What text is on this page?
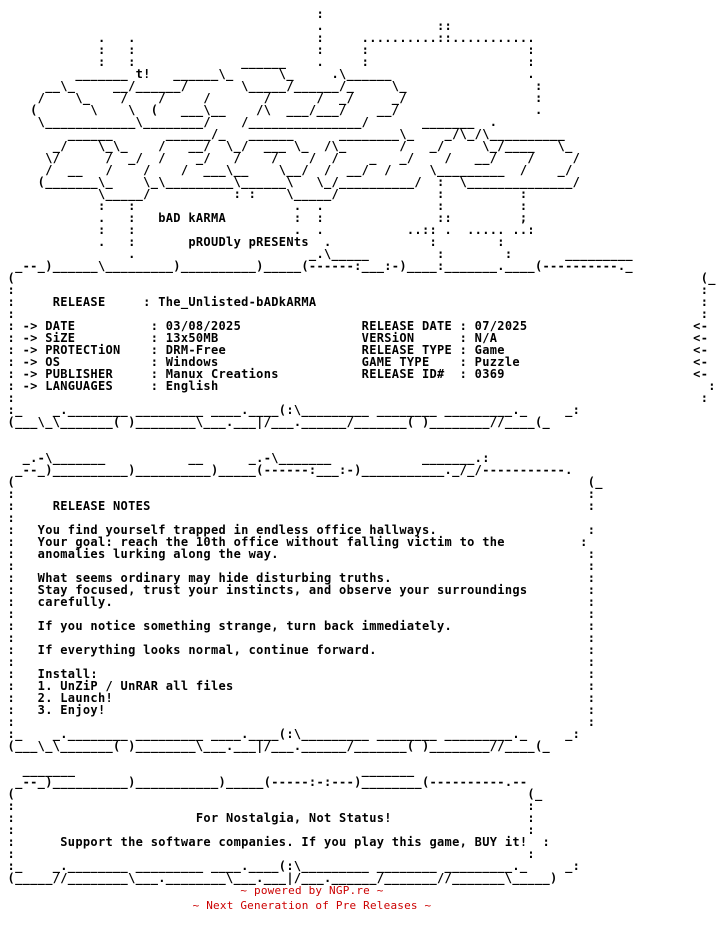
:
.               ::
.   .                        :     ..........::...........
:   :                        :     :                     :
:   :              ______    .     :                     :
_______ t!   ______\_      \_     .\______                  .
__\_     __/______/       \_____/______/_     \_                 :
/    \_    /    /     /       /      /  _/     _/                 :
(       \    \  (   ___\__    /\  ___/___/    __/                  .
\____________\________/    /_______________/       _______  .
______       ______/_   ______      ________\_    _/\_/\__________
_/    \_\_    /   __/  \_/  ___ \_  /\_       /   _/     \_/____   \_
\/      /  _/  /    _/   /    /    /  /    _   _/    /   __/    /     /
/  __   /    /    /  ___\__    \__/  /  __/  /     \_________  /    _/
(_______\_    \_\_________\______\   \_/__________/  :  \______________/
\_____/           : :    \_____/             :          :
:   :                     .  .               :          :
.   :   bAD kARMA         :  :               ::         ;
:   :                     .  .           ..:: .  ..... ..:
.   :       pROUDly pRESENts  .             :        :
.                       _.\_____         :        :       _________
_--_)______\_________)__________)_____(------:___:-)____:_______.____(----------._
(                                                                                           (_
:                                                                                           :
:     RELEASE     : The_Unlisted-bADkARMA                                                   :
:                                                                                           :
: -> DATE          : 03/08/2025                RELEASE DATE : 07/2025                      <-
: -> SiZE          : 13x50MB                   VERSiON      : N/A                          <-
: -> PROTECTiON    : DRM-Free                  RELEASE TYPE : Game                         <-
: -> OS            : Windows                   GAME TYPE    : Puzzle                       <-
: -> PUBLISHER     : Manux Creations           RELEASE ID#  : 0369                         <-
: -> LANGUAGES     : English                                                                 :
:                                                                                           :
:_    _.________ _________ ____.____(:\_________ ________ _________._     _:
(___\_\_______( )________\___.___|/___.______/_______( )________//____(_

_.-\_______           __      _.-\_______            _______.:
_--_)__________)__________)_____(------:___:-)___________._/_/-----------.
(                                                                            (_
:                                                                            :
:     RELEASE NOTES                                                          :
:
:   You find yourself trapped in endless office hallways.                    :
:   Your goal: reach the 10th office without falling victim to the          :
:   anomalies lurking along the way.                                         :
:                                                                            :
:   What seems ordinary may hide disturbing truths.                          :
:   Stay focused, trust your instincts, and observe your surroundings        :
:   carefully.                                                               :
:                                                                            :
:   If you notice something strange, turn back immediately.                  :
:                                                                            :
:   If everything looks normal, continue forward.                            :
:                                                                            :
:   Install:                                                                 :
:   1. UnZiP / UnRAR all files                                               :
:   2. Launch!                                                               :
:   3. Enjoy!                                                                :
:                                                                            :
:_    _.________ _________ ____.____(:\_________ ________ _________._     _:
(___\_\_______( )________\___.___|/___.______/_______( )________//____(_

_______                                      _______
_--_)__________)___________)_____(-----:-:---)________(----------.--
(                                                                    (_
:                                                                    :
:                        For Nostalgia, Not Status!                  :
:                                                                    :
:      Support the software companies. If you play this game, BUY it!  :
:                                                                    :
:_    _.________ _________ ____.____(:\_________ ________ _________._     _:
(_____//________\___.________\___.___|/___.______/_______//_______\_____)
~ powered by NGP.re ~
~ Next Generation of Pre Releases ~
